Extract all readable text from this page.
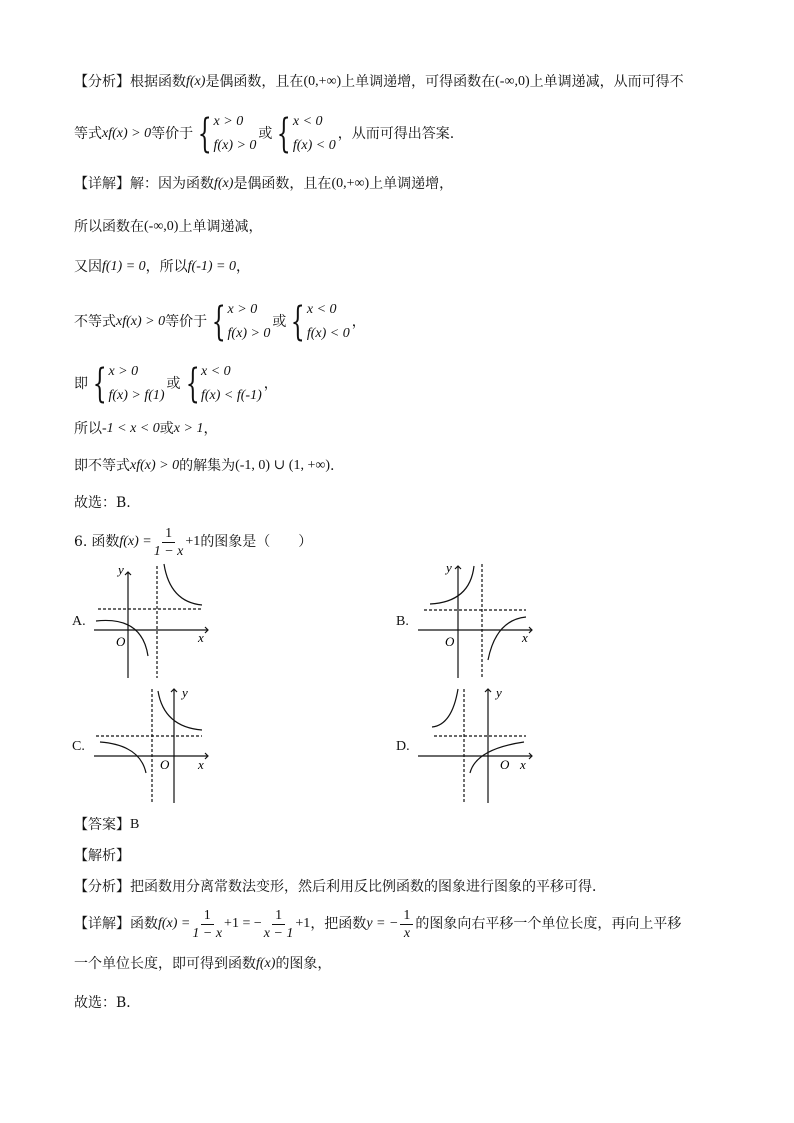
【分析】 根据函数 f(x) 是偶函数，且在 (0,+∞) 上单调递增，可得函数在 (-∞,0) 上单调递减，从而可得不
等式 xf(x) > 0 等价于 { x > 0
f(x) > 0
或 { x < 0
f(x) < 0
，从而可得出答案.
【详解】 解：因为函数 f(x) 是偶函数，且在 (0,+∞) 上单调递增，
所以函数在 (-∞,0) 上单调递减，
又因 f(1) = 0 ，所以 f(-1) = 0 ，
不等式 xf(x) > 0 等价于 { x > 0
f(x) > 0
或 { x < 0
f(x) < 0
，
即 { x > 0
f(x) > f(1)
或 { x < 0
f(x) < f(-1)
，
所以 -1 < x < 0 或 x > 1 ，
即不等式 xf(x) > 0 的解集为 (-1, 0) ∪ (1, +∞) .
故选：B.
6. 函数 $f(x) = \frac{1}{1 - x} +1$ 的图象是（　　）
A.	B.
C.	D.
O	x
y
O	x
y
O x
y
O x
y
【答案】 B
【解析】
【分析】 把函数用分离常数法变形，然后利用反比例函数的图象进行图象的平移可得．
【详解】 函数 $f(x) = \frac{1}{1 - x} +1$ = − $\frac{1}{x - 1} +1$ ，把函数 y = − $\frac{1}{x}$ 的图象向右平移一个单位长度，再向上平移
一个单位长度，即可得到函数 f(x) 的图象，
故选：B．
